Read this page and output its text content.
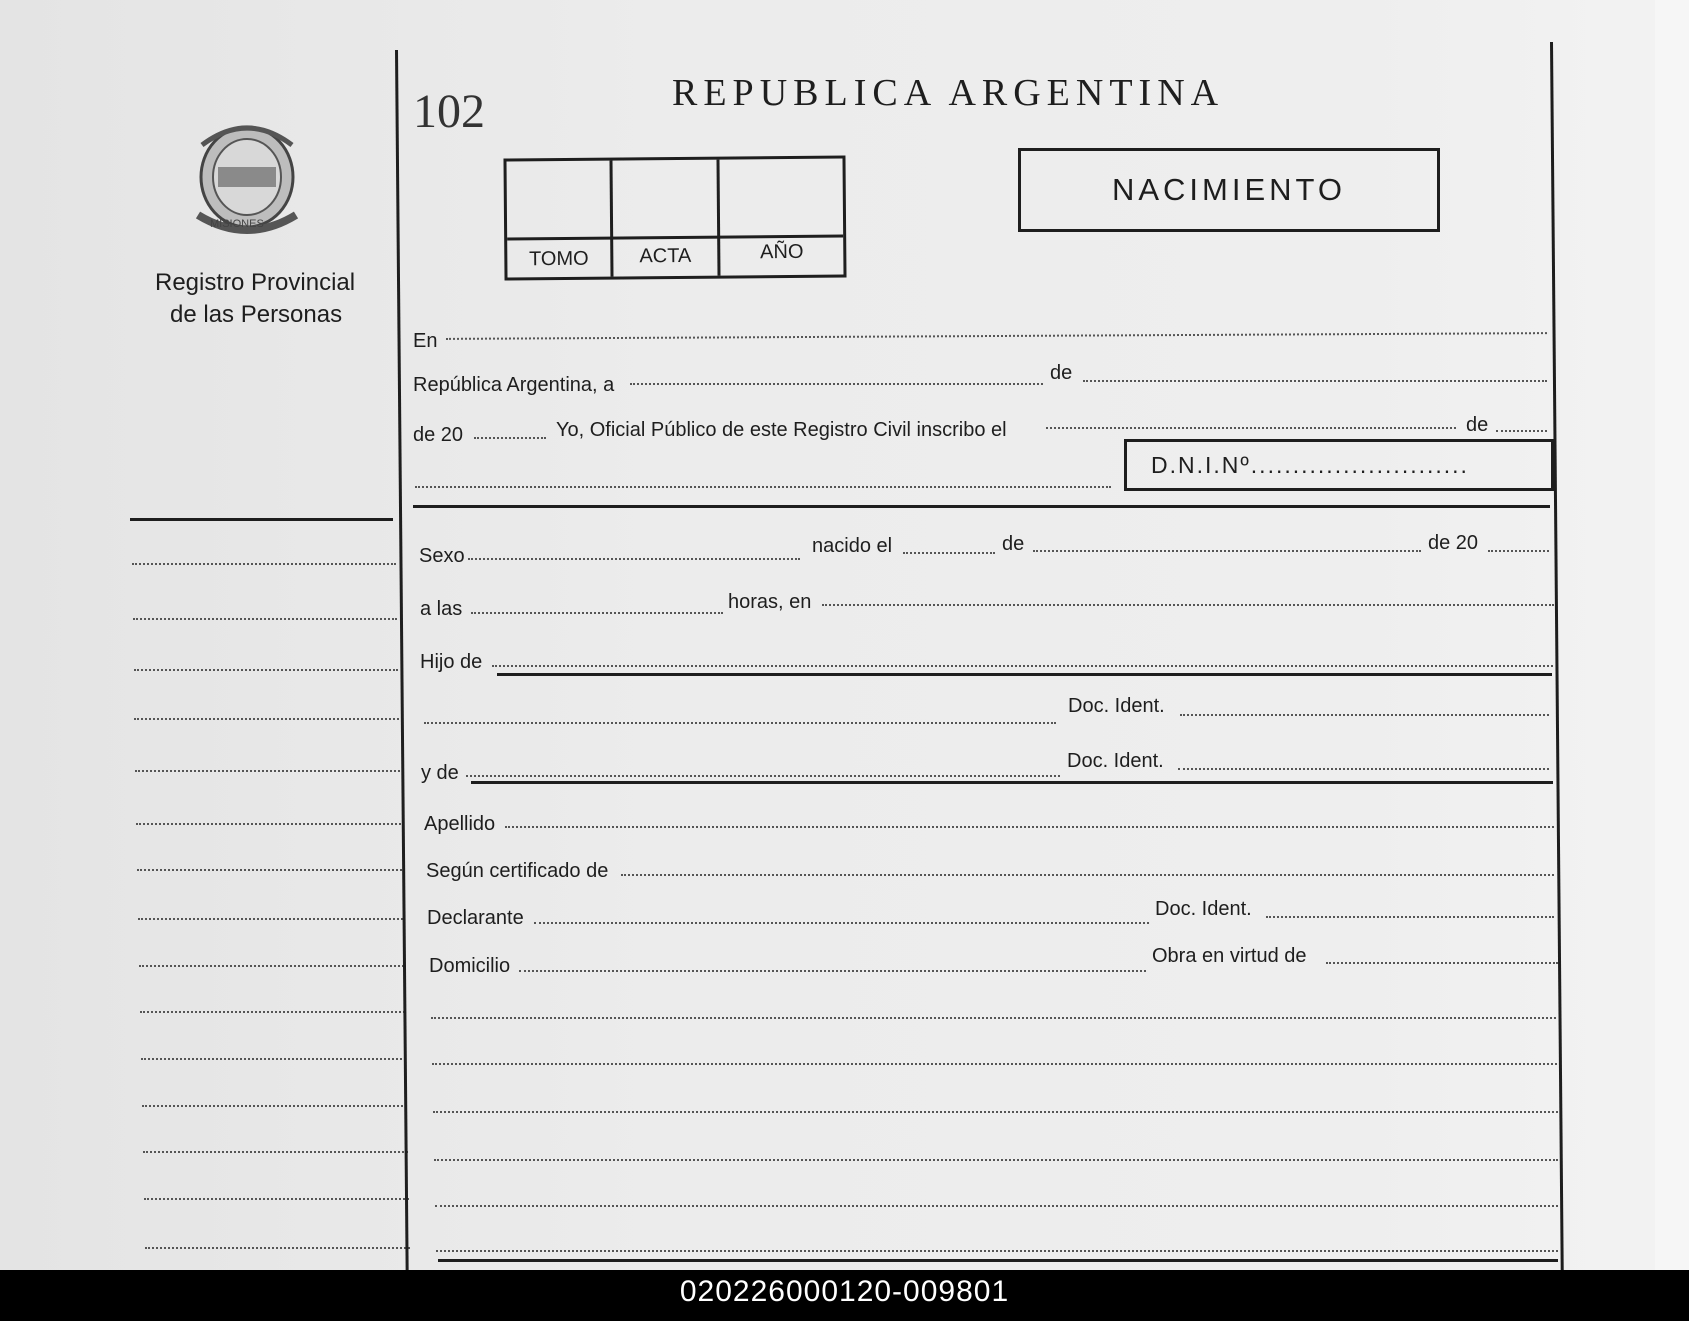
MISIONES
Registro Provincial
de las Personas
102	REPUBLICA ARGENTINA
TOMO	ACTA	AÑO
NACIMIENTO
En
República Argentina, a
de
de 20	Yo, Oficial Público de este Registro Civil inscribo el	de
D.N.I.Nº..........................
Sexo	nacido el	de	de 20
a las	horas, en
Hijo de
Doc. Ident.
y de
Doc. Ident.
Apellido
Según certificado de
Declarante	Doc. Ident.
Domicilio	Obra en virtud de
020226000120-009801
